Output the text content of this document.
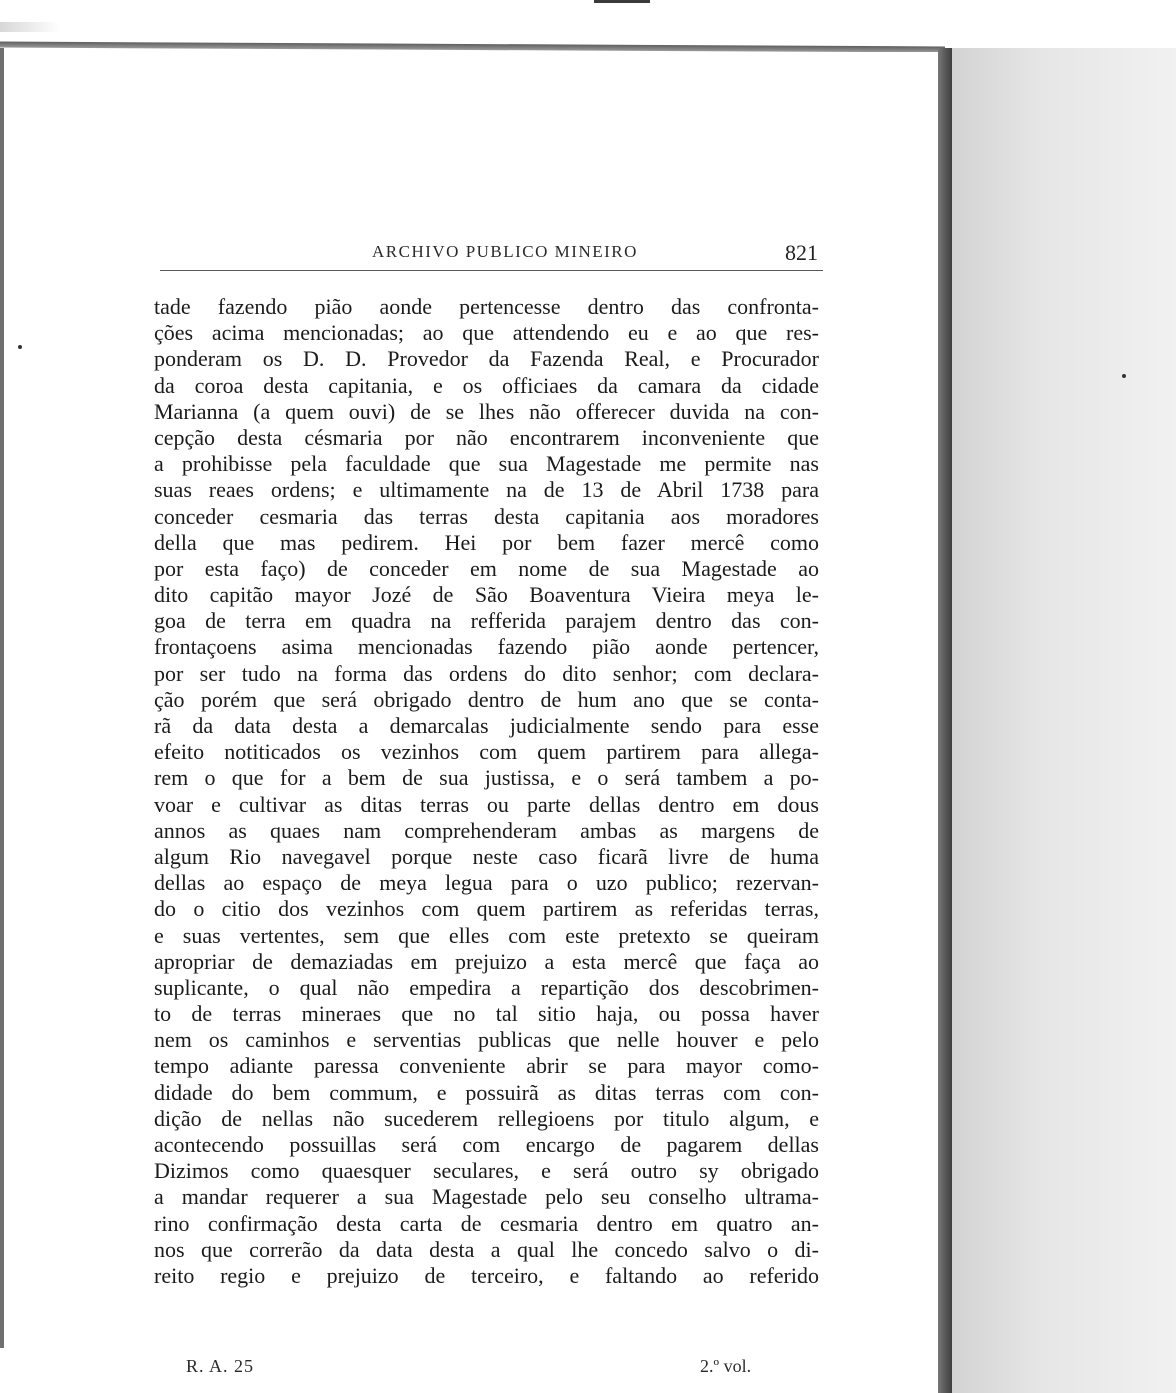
ARCHIVO PUBLICO MINEIRO	821
tade fazendo pião aonde pertencesse dentro das confronta-
ções acima mencionadas; ao que attendendo eu e ao que res-
ponderam os D. D. Provedor da Fazenda Real, e Procurador
da coroa desta capitania, e os officiaes da camara da cidade
Marianna (a quem ouvi) de se lhes não offerecer duvida na con-
cepção desta césmaria por não encontrarem inconveniente que
a prohibisse pela faculdade que sua Magestade me permite nas
suas reaes ordens; e ultimamente na de 13 de Abril 1738 para
conceder cesmaria das terras desta capitania aos moradores
della que mas pedirem. Hei por bem fazer mercê como
por esta faço) de conceder em nome de sua Magestade ao
dito capitão mayor Jozé de São Boaventura Vieira meya le-
goa de terra em quadra na refferida parajem dentro das con-
frontaçoens asima mencionadas fazendo pião aonde pertencer,
por ser tudo na forma das ordens do dito senhor; com declara-
ção porém que será obrigado dentro de hum ano que se conta-
rã da data desta a demarcalas judicialmente sendo para esse
efeito notiticados os vezinhos com quem partirem para allega-
rem o que for a bem de sua justissa, e o será tambem a po-
voar e cultivar as ditas terras ou parte dellas dentro em dous
annos as quaes nam comprehenderam ambas as margens de
algum Rio navegavel porque neste caso ficarã livre de huma
dellas ao espaço de meya legua para o uzo publico; rezervan-
do o citio dos vezinhos com quem partirem as referidas terras,
e suas vertentes, sem que elles com este pretexto se queiram
apropriar de demaziadas em prejuizo a esta mercê que faça ao
suplicante, o qual não empedira a repartição dos descobrimen-
to de terras mineraes que no tal sitio haja, ou possa haver
nem os caminhos e serventias publicas que nelle houver e pelo
tempo adiante paressa conveniente abrir se para mayor como-
didade do bem commum, e possuirã as ditas terras com con-
dição de nellas não sucederem rellegioens por titulo algum, e
acontecendo possuillas será com encargo de pagarem dellas
Dizimos como quaesquer seculares, e será outro sy obrigado
a mandar requerer a sua Magestade pelo seu conselho ultrama-
rino confirmação desta carta de cesmaria dentro em quatro an-
nos que correrão da data desta a qual lhe concedo salvo o di-
reito regio e prejuizo de terceiro, e faltando ao referido
R. A. 25	2.º vol.
